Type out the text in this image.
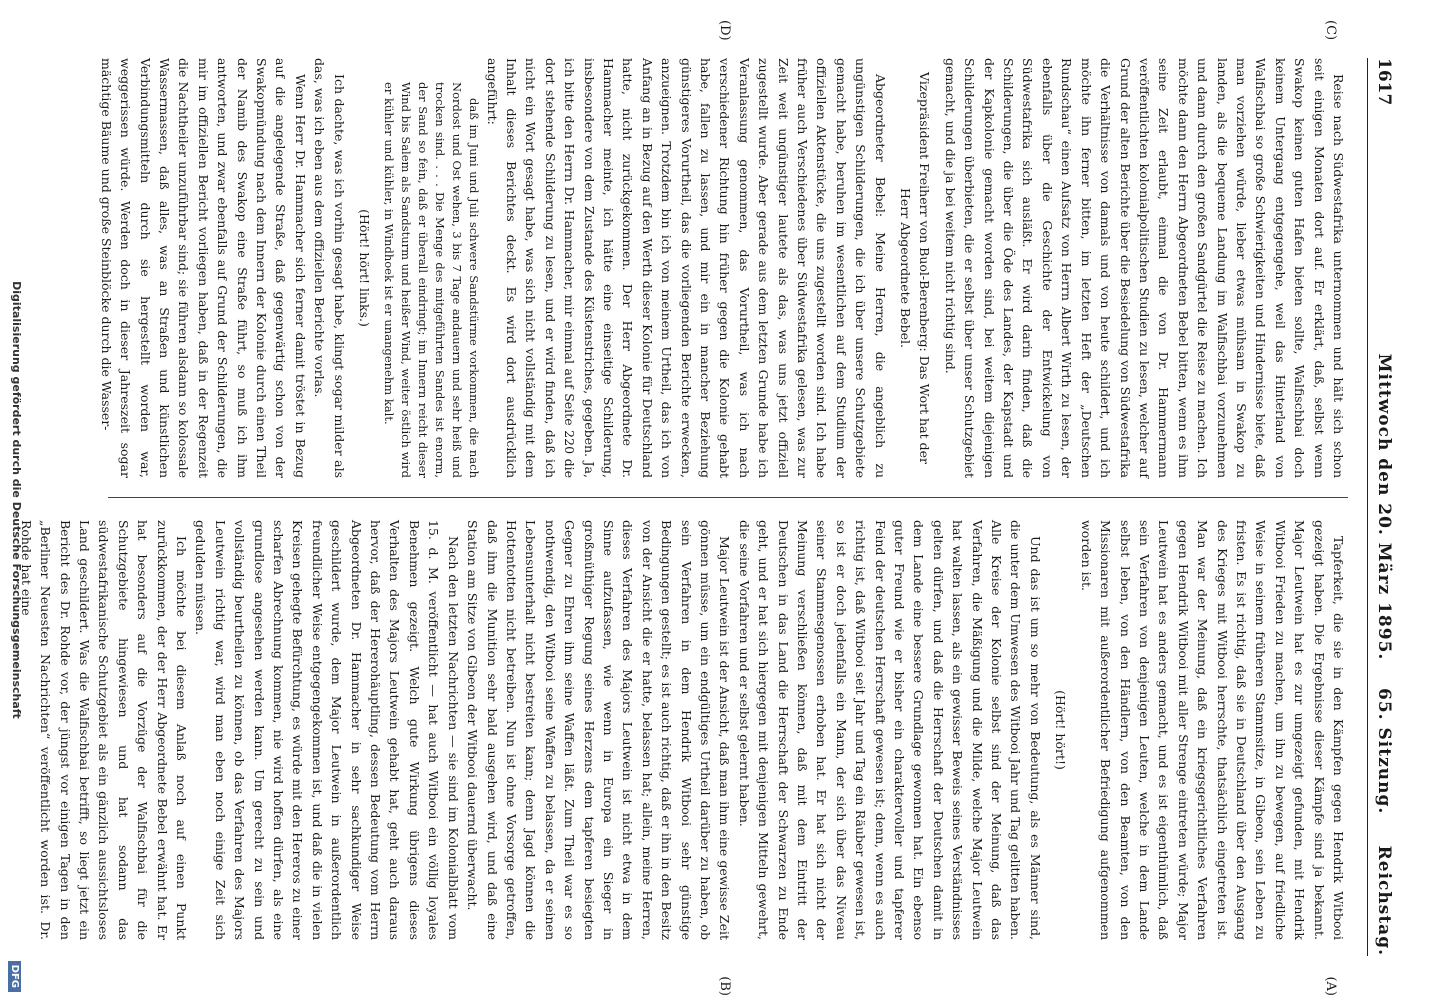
1617
Mittwoch den 20. März 1895.
65. Sitzung.
Reichstag.
(C)
(D)
(A)
(B)

Reise nach Südwestafrika unternommen und hält sich schon seit einigen Monaten dort auf. Er erklärt, daß, selbst wenn Swakop keinen guten Hafen bieten sollte, Walfischbai doch keinem Untergang entgegengehe, weil das Hinterland von Walfischbai so große Schwierigkeiten und Hindernisse biete, daß man vorziehen würde, lieber etwas mühsam in Swakop zu landen, als die bequeme Landung im Walfischbai vorzunehmen und dann durch den großen Sandgürtel die Reise zu machen. Ich möchte dann den Herrn Abgeordneten Bebel bitten, wenn es ihm seine Zeit erlaubt, einmal die von Dr. Hammermann veröffentlichten kolonialpolitischen Studien zu lesen, welcher auf Grund der alten Berichte über die Besiedelung von Südwestafrika die Verhältnisse von damals und von heute schildert, und ich möchte ihn ferner bitten, im letzten Heft der „Deutschen Rundschau“ einen Aufsatz von Herrn Albert Wirth zu lesen, der ebenfalls über die Geschichte der Entwickelung von Südwestafrika sich ausläßt. Er wird darin finden, daß die Schilderungen, die über die Öde des Landes, der Kapstadt und der Kapkolonie gemacht worden sind, bei weitem diejenigen Schilderungen überbieten, die er selbst über unser Schutzgebiet gemacht, und die ja bei weitem nicht richtig sind.

Vizepräsident Freiherr von Buol-Berenberg: Das Wort hat der Herr Abgeordnete Bebel.

Abgeordneter Bebel: Meine Herren, die angeblich zu ungünstigen Schilderungen, die ich über unsere Schutzgebiete gemacht habe, beruhen im wesentlichen auf dem Studium der offiziellen Aktenstücke, die uns zugestellt worden sind. Ich habe früher auch Verschiedenes über Südwestafrika gelesen, was zur Zeit weit ungünstiger lautete als das, was uns jetzt offiziell zugestellt wurde. Aber gerade aus dem letzten Grunde habe ich Veranlassung genommen, das Vorurtheil, was ich nach verschiedener Richtung hin früher gegen die Kolonie gehabt habe, fallen zu lassen, und mir ein in mancher Beziehung günstigeres Vorurtheil, das die vorliegenden Berichte erwecken, anzueignen. Trotzdem bin ich von meinem Urtheil, das ich von Anfang an in Bezug auf den Werth dieser Kolonie für Deutschland hatte, nicht zurückgekommen. Der Herr Abgeordnete Dr. Hammacher meinte, ich hätte eine einseitige Schilderung, insbesondere von dem Zustande des Küstenstriches, gegeben. Ja, ich bitte den Herrn Dr. Hammacher, mir einmal auf Seite 220 die dort stehende Schilderung zu lesen, und er wird finden, daß ich nicht ein Wort gesagt habe, was sich nicht vollständig mit dem Inhalt dieses Berichtes deckt. Es wird dort ausdrücklich angeführt:

daß im Juni und Juli schwere Sandstürme vorkommen, die nach Nordost und Ost wehen, 3 bis 7 Tage andauern und sehr heiß und trocken sind. . . . Die Menge des mitgeführten Sandes ist enorm, der Sand so fein, daß er überall eindringt; im Innern reicht dieser Wind bis Salem als Sandsturm und heißer Wind, weiter östlich wird er kühler und kühler, in Windhoek ist er unangenehm kalt.

(Hört! hört! links.)

Ich dachte, was ich vorhin gesagt habe, klingt sogar milder als das, was ich eben aus dem offiziellen Berichte vorlas.

Wenn Herr Dr. Hammacher sich ferner damit tröstet in Bezug auf die angelegende Straße, daß gegenwärtig schon von der Swakopmündung nach dem Innern der Kolonie durch einen Theil der Namib des Swakop eine Straße führt, so muß ich ihm antworten, und zwar ebenfalls auf Grund der Schilderungen, die mir im offiziellen Bericht vorliegen haben, daß in der Regenzeit die Nachtheiler unzuführbar sind; sie führen alsdann so kolossale Wassermassen, daß alles, was an Straßen und künstlichen Verbindungsmitteln durch sie hergestellt worden war, weggerissen würde. Werden doch in dieser Jahreszeit sogar mächtige Bäume und große Steinblöcke durch die Wasser-

Tapferkeit, die sie in den Kämpfen gegen Hendrik Witbooi gezeigt haben. Die Ergebnisse dieser Kämpfe sind ja bekannt. Major Leutwein hat es zur umgezeigt gefunden, mit Hendrik Witbooi Frieden zu machen, um ihn zu bewegen, auf friedliche Weise in seinem früheren Stammsitze, in Gibeon, sein Leben zu fristen. Es ist richtig, daß sie in Deutschland über den Ausgang des Krieges mit Witbooi herrschte, thatsächlich eingetreten ist. Man war der Meinung, daß ein kriegsgerichtliches Verfahren gegen Hendrik Witbooi mit aller Strenge eintreten würde; Major Leutwein hat es anders gemacht, und es ist eigenthümlich, daß sein Verfahren von denjenigen Leuten, welche in dem Lande selbst leben, von den Händlern, von den Beamten, von den Missionaren mit außerordentlicher Befriedigung aufgenommen worden ist.

(Hört! hört!)

Und das ist um so mehr von Bedeutung, als es Männer sind, die unter dem Umwesen des Witbooi Jahr und Tag gelitten haben. Alle Kreise der Kolonie selbst sind der Meinung, daß das Verfahren, die Mäßigung und die Milde, welche Major Leutwein hat walten lassen, als ein gewisser Beweis seines Verständnisses gelten dürfen, und daß die Herrschaft der Deutschen damit in dem Lande eine bessere Grundlage gewonnen hat. Ein ebenso guter Freund wie er bisher ein charaktervoller und tapferer Feind der deutschen Herrschaft gewesen ist; denn, wenn es auch richtig ist, daß Witbooi seit Jahr und Tag ein Räuber gewesen ist, so ist er doch jedenfalls ein Mann, der sich über das Niveau seiner Stammesgenossen erhoben hat. Er hat sich nicht der Meinung verschließen können, daß mit dem Eintritt der Deutschen in das Land die Herrschaft der Schwarzen zu Ende geht, und er hat sich hiergegen mit denjenigen Mitteln gewehrt, die seine Vorfahren und er selbst gelernt haben.

Major Leutwein ist der Ansicht, daß man ihm eine gewisse Zeit gönnen müsse, um ein endgültiges Urtheil darüber zu haben, ob sein Verfahren in dem Hendrik Witbooi sehr günstige Bedingungen gestellt; es ist auch richtig, daß er ihn in den Besitz von der Ansicht die er hatte, belassen hat; allein, meine Herren, dieses Verfahren des Majors Leutwein ist nicht etwa in dem Sinne aufzufassen, wie wenn in Europa ein Sieger in großmüthiger Regung seines Herzens dem tapferen besiegten Gegner zu Ehren ihm seine Waffen läßt. Zum Theil war es so nothwendig, den Witbooi seine Waffen zu belassen, da er seinen Lebensunterhalt nicht bestreiten kann; denn Jagd können die Hottentotten nicht betreiben. Nun ist ohne Vorsorge getroffen, daß ihm die Munition sehr bald ausgehen wird, und daß eine Station am Sitze von Gibeon der Witbooi dauernd überwacht.

Nach den letzten Nachrichten — sie sind im Kolonialblatt vom 15. d. M. veröffentlicht — hat auch Witbooi ein völlig loyales Benehmen gezeigt. Welch gute Wirkung übrigens dieses Verhalten des Majors Leutwein gehabt hat, geht auch daraus hervor, daß der Hererohäuptling, dessen Bedeutung vom Herrn Abgeordneten Dr. Hammacher in sehr sachkundiger Weise geschildert wurde, dem Major Leutwein in außerordentlich freundlicher Weise entgegengekommen ist, und daß die in vielen Kreisen gehegte Befürchtung, es würde mit den Hereros zu einer scharfen Abrechnung kommen, nie wird hoffen dürfen, als eine grundlose angesehen werden kann. Um gerecht zu sein und vollständig beurtheilen zu können, ob das Verfahren des Majors Leutwein richtig war, wird man eben noch einige Zeit sich gedulden müssen.

Ich möchte bei diesem Anlaß noch auf einen Punkt zurückkommen, der der Herr Abgeordnete Bebel erwähnt hat. Er hat besonders auf die Vorzüge der Walfischbai für die Schutzgebiete hingewiesen und hat sodann das südwestafrikanische Schutzgebiet als ein gänzlich aussichtsloses Land geschildert. Was die Walfischbai betrifft, so liegt jetzt ein Bericht des Dr. Rohde vor, der jüngst vor einigen Tagen in den „Berliner Neuesten Nachrichten“ veröffentlicht worden ist. Dr. Rohde hat eine

Digitalisierung gefördert durch die Deutsche Forschungsgemeinschaft
DFG
